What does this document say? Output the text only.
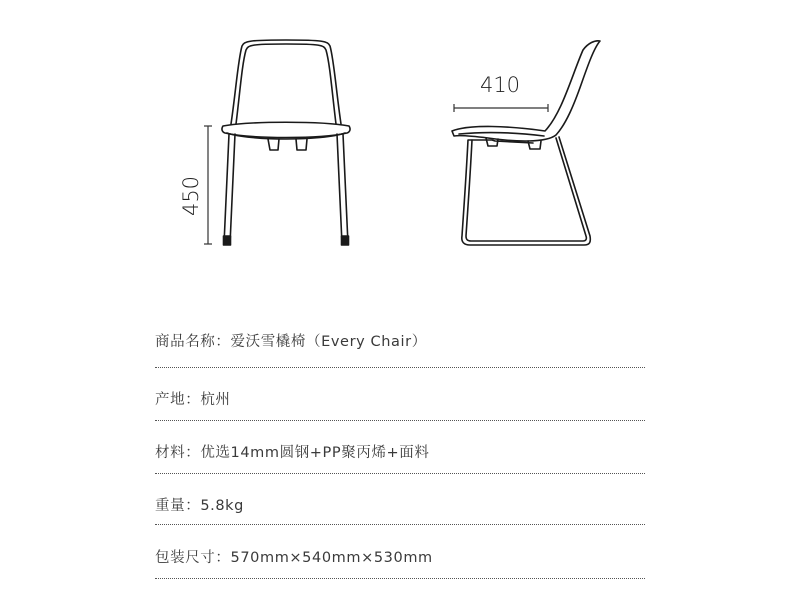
450
410
商品名称：爱沃雪橇椅（Every Chair）
产地：杭州
材料：优选14mm圆钢+PP聚丙烯+面料
重量：5.8kg
包装尺寸：570mm×540mm×530mm
